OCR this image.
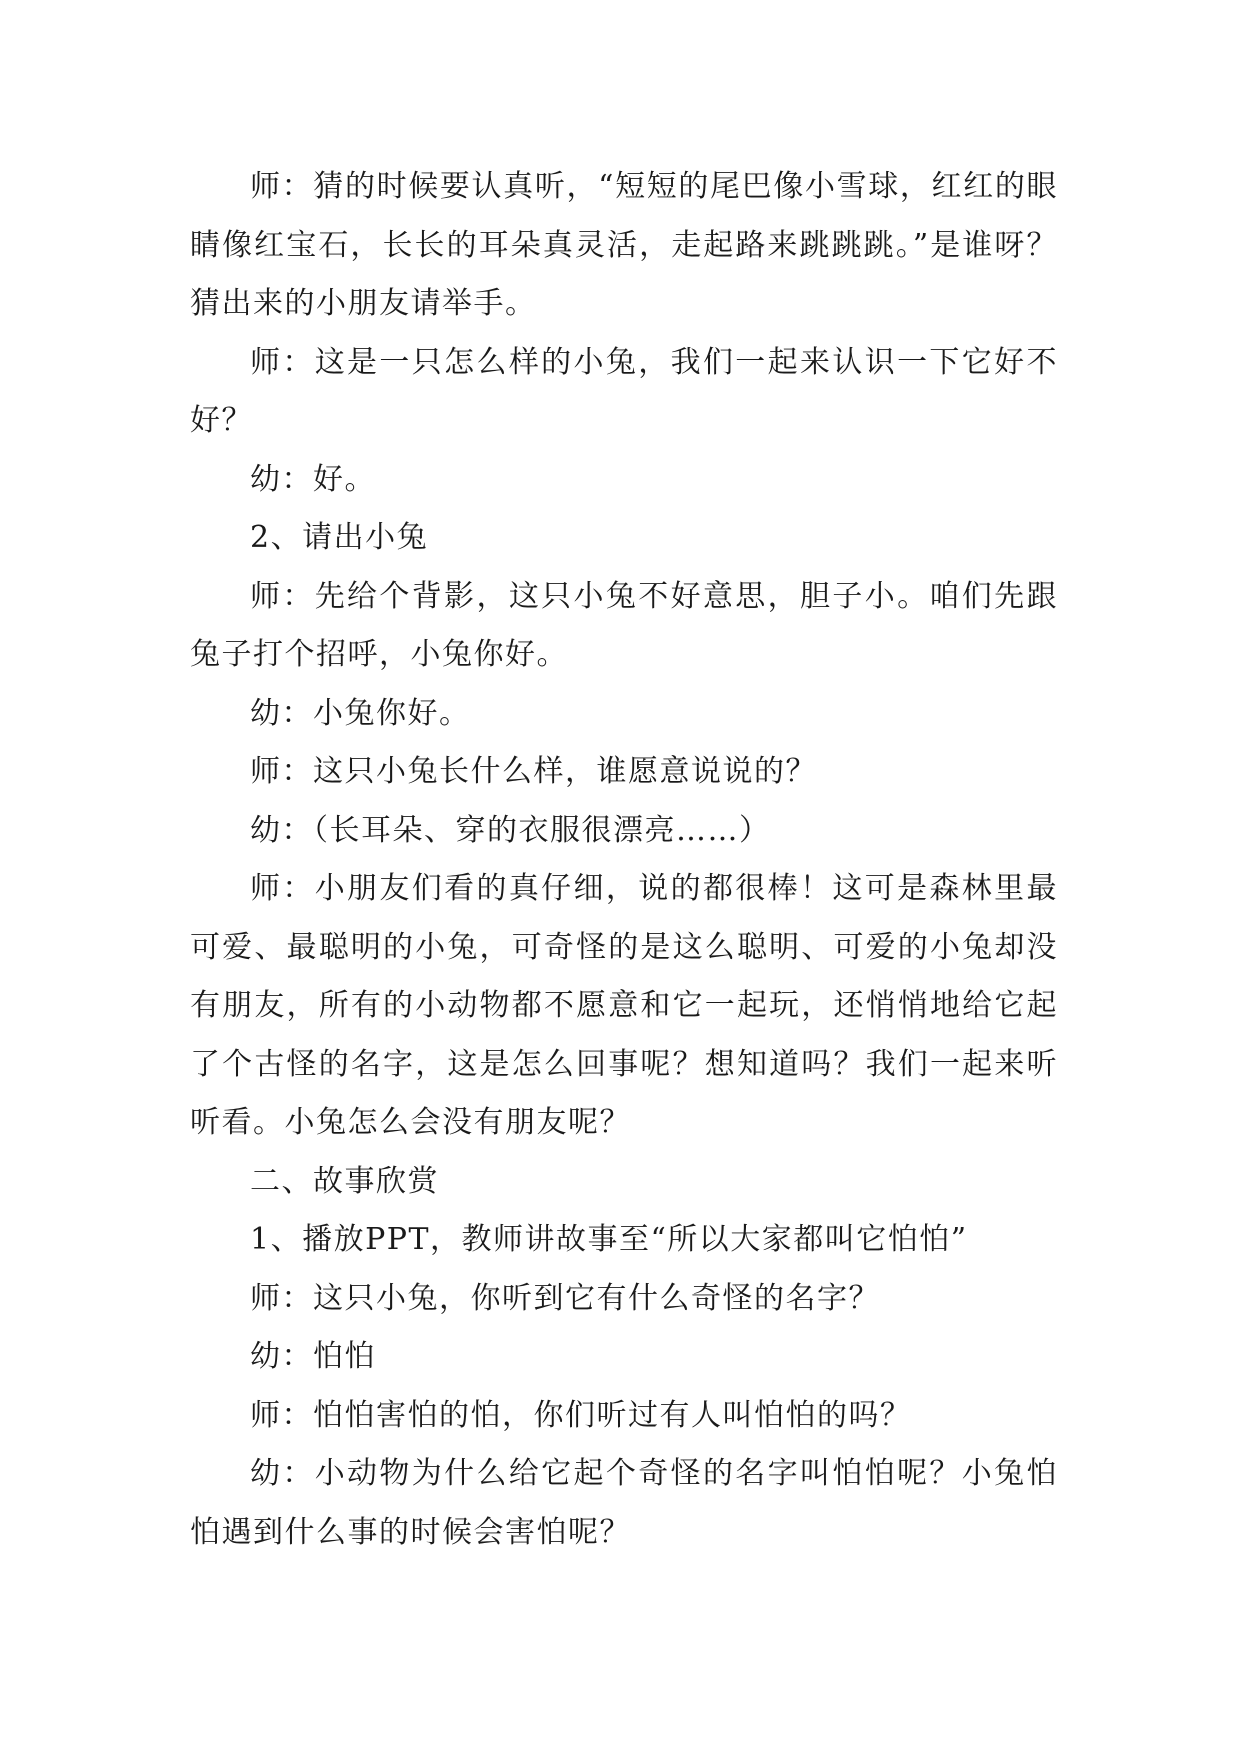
师：猜的时候要认真听，“短短的尾巴像小雪球，红红的眼睛像红宝石，长长的耳朵真灵活，走起路来跳跳跳。”是谁呀？猜出来的小朋友请举手。

师：这是一只怎么样的小兔，我们一起来认识一下它好不好？

幼：好。

2、请出小兔

师：先给个背影，这只小兔不好意思，胆子小。咱们先跟兔子打个招呼，小兔你好。

幼：小兔你好。

师：这只小兔长什么样，谁愿意说说的？

幼：（长耳朵、穿的衣服很漂亮……）

师：小朋友们看的真仔细，说的都很棒！这可是森林里最可爱、最聪明的小兔，可奇怪的是这么聪明、可爱的小兔却没有朋友，所有的小动物都不愿意和它一起玩，还悄悄地给它起了个古怪的名字，这是怎么回事呢？想知道吗？我们一起来听听看。小兔怎么会没有朋友呢？

二、故事欣赏

1、播放PPT，教师讲故事至“所以大家都叫它怕怕”

师：这只小兔，你听到它有什么奇怪的名字？

幼：怕怕

师：怕怕害怕的怕，你们听过有人叫怕怕的吗？

幼：小动物为什么给它起个奇怪的名字叫怕怕呢？小兔怕怕遇到什么事的时候会害怕呢？
